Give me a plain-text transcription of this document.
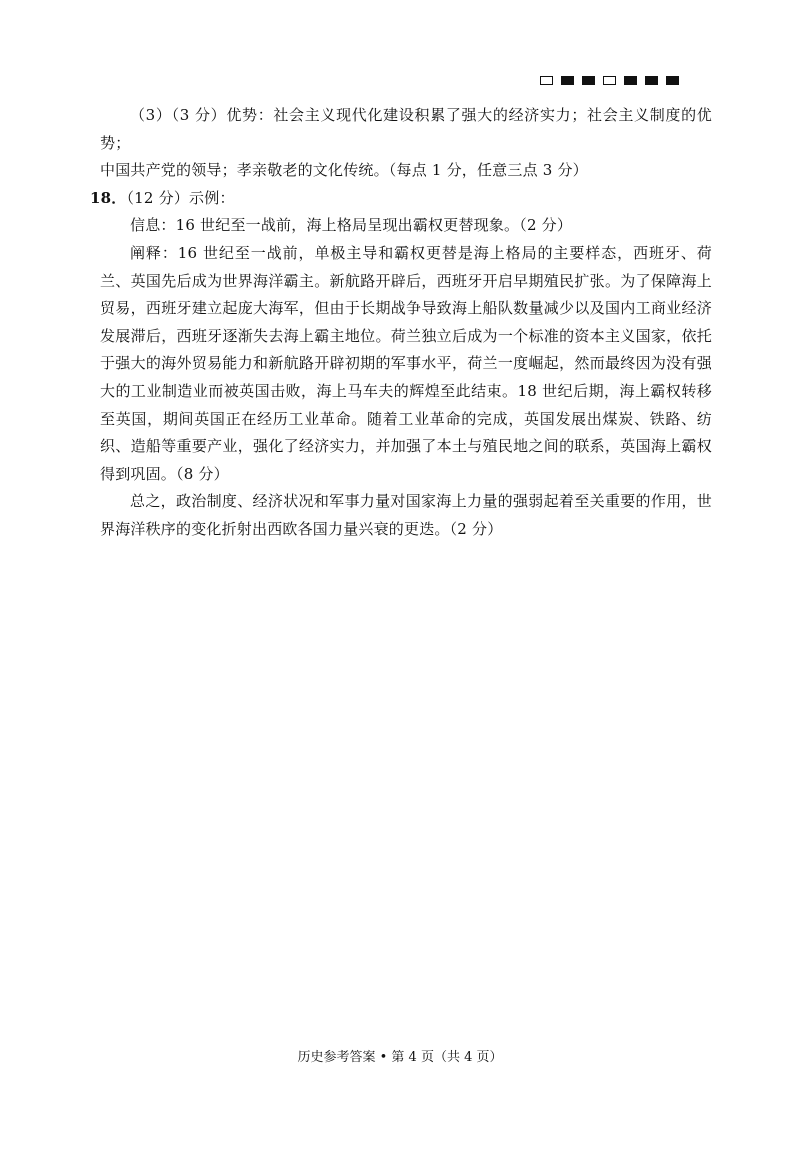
（3）（3 分）优势：社会主义现代化建设积累了强大的经济实力；社会主义制度的优势；

中国共产党的领导；孝亲敬老的文化传统。（每点 1 分，任意三点 3 分）

18．（12 分）示例：

信息：16 世纪至一战前，海上格局呈现出霸权更替现象。（2 分）

阐释：16 世纪至一战前，单极主导和霸权更替是海上格局的主要样态，西班牙、荷兰、英国先后成为世界海洋霸主。新航路开辟后，西班牙开启早期殖民扩张。为了保障海上贸易，西班牙建立起庞大海军，但由于长期战争导致海上船队数量减少以及国内工商业经济发展滞后，西班牙逐渐失去海上霸主地位。荷兰独立后成为一个标准的资本主义国家，依托于强大的海外贸易能力和新航路开辟初期的军事水平，荷兰一度崛起，然而最终因为没有强大的工业制造业而被英国击败，海上马车夫的辉煌至此结束。18 世纪后期，海上霸权转移至英国，期间英国正在经历工业革命。随着工业革命的完成，英国发展出煤炭、铁路、纺织、造船等重要产业，强化了经济实力，并加强了本土与殖民地之间的联系，英国海上霸权得到巩固。（8 分）

总之，政治制度、经济状况和军事力量对国家海上力量的强弱起着至关重要的作用，世界海洋秩序的变化折射出西欧各国力量兴衰的更迭。（2 分）

历史参考答案 • 第 4 页（共 4 页）
